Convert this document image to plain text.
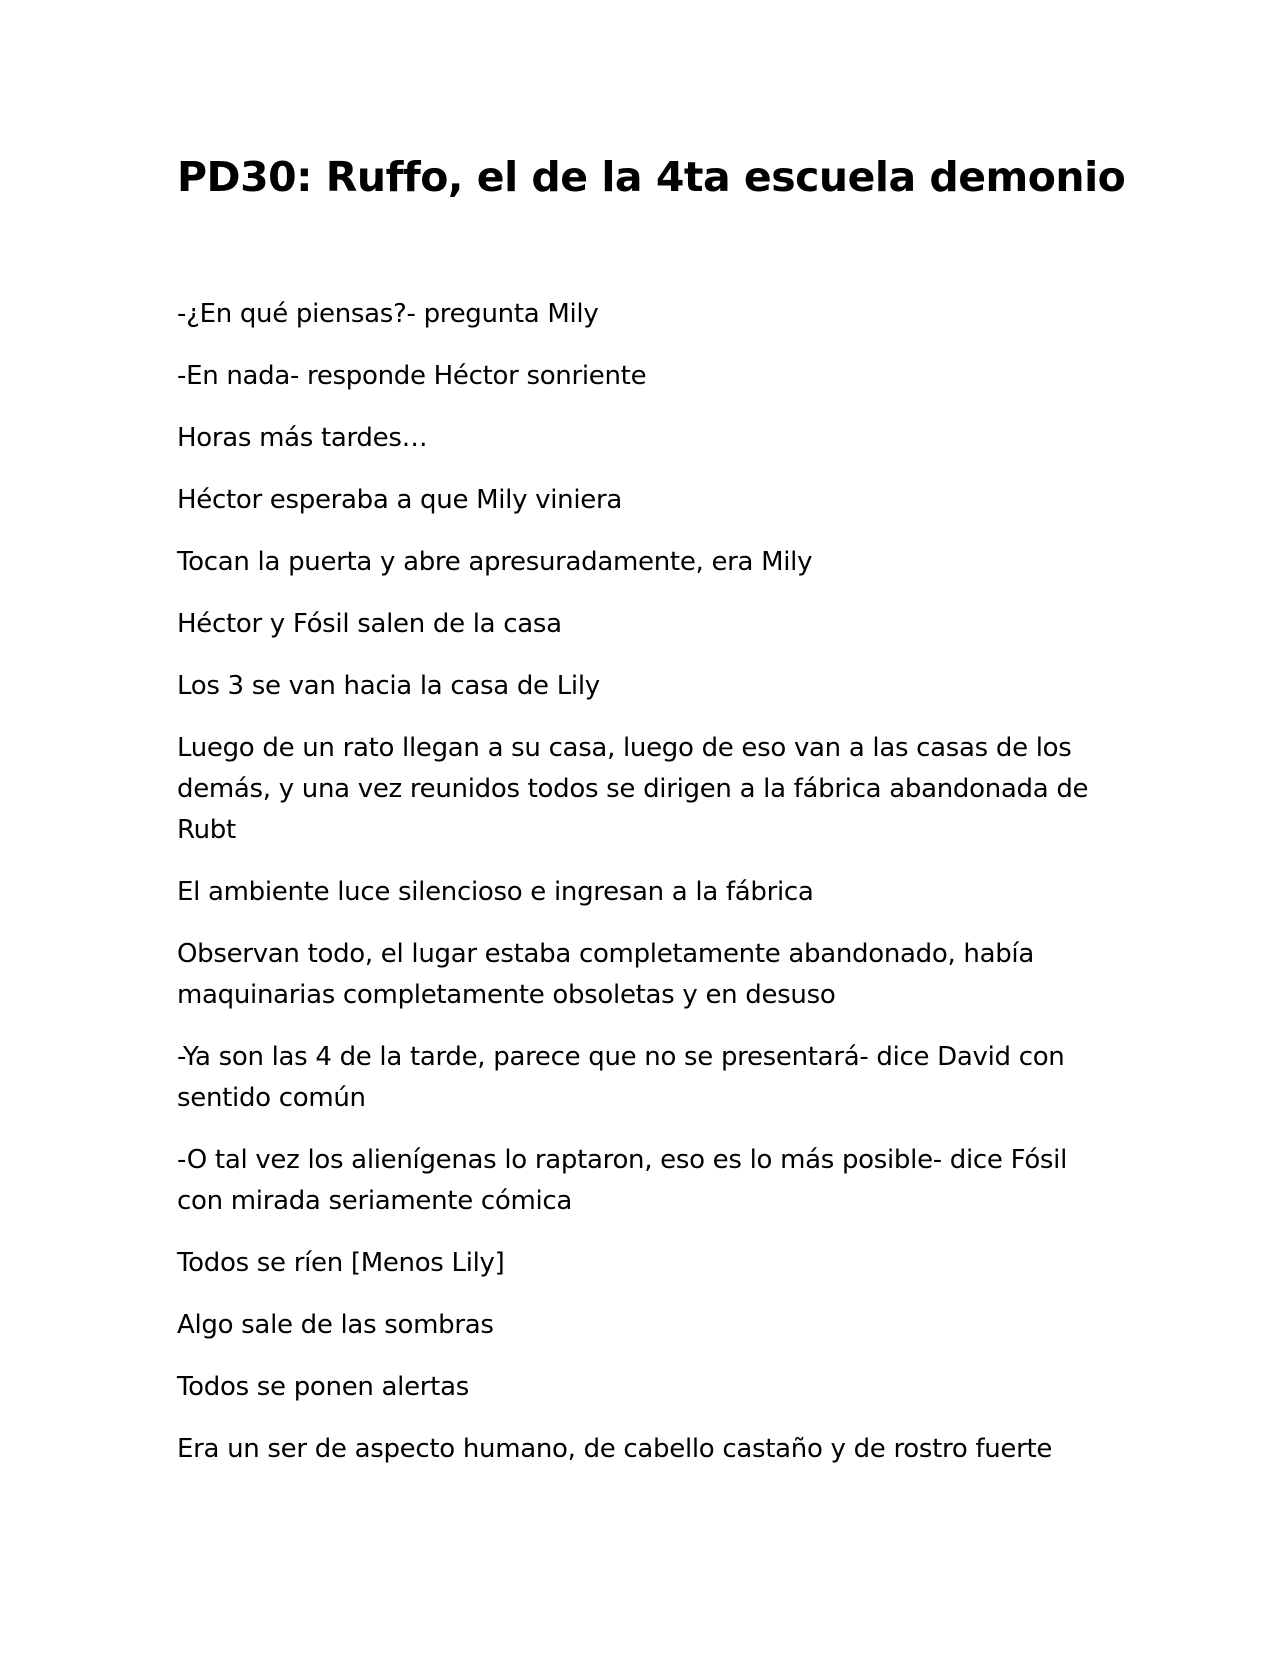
PD30: Ruffo, el de la 4ta escuela demonio

-¿En qué piensas?- pregunta Mily

-En nada- responde Héctor sonriente

Horas más tardes…

Héctor esperaba a que Mily viniera

Tocan la puerta y abre apresuradamente, era Mily

Héctor y Fósil salen de la casa

Los 3 se van hacia la casa de Lily

Luego de un rato llegan a su casa, luego de eso van a las casas de los demás, y una vez reunidos todos se dirigen a la fábrica abandonada de Rubt

El ambiente luce silencioso e ingresan a la fábrica

Observan todo, el lugar estaba completamente abandonado, había maquinarias completamente obsoletas y en desuso

-Ya son las 4 de la tarde, parece que no se presentará- dice David con sentido común

-O tal vez los alienígenas lo raptaron, eso es lo más posible- dice Fósil con mirada seriamente cómica

Todos se ríen [Menos Lily]

Algo sale de las sombras

Todos se ponen alertas

Era un ser de aspecto humano, de cabello castaño y de rostro fuerte
